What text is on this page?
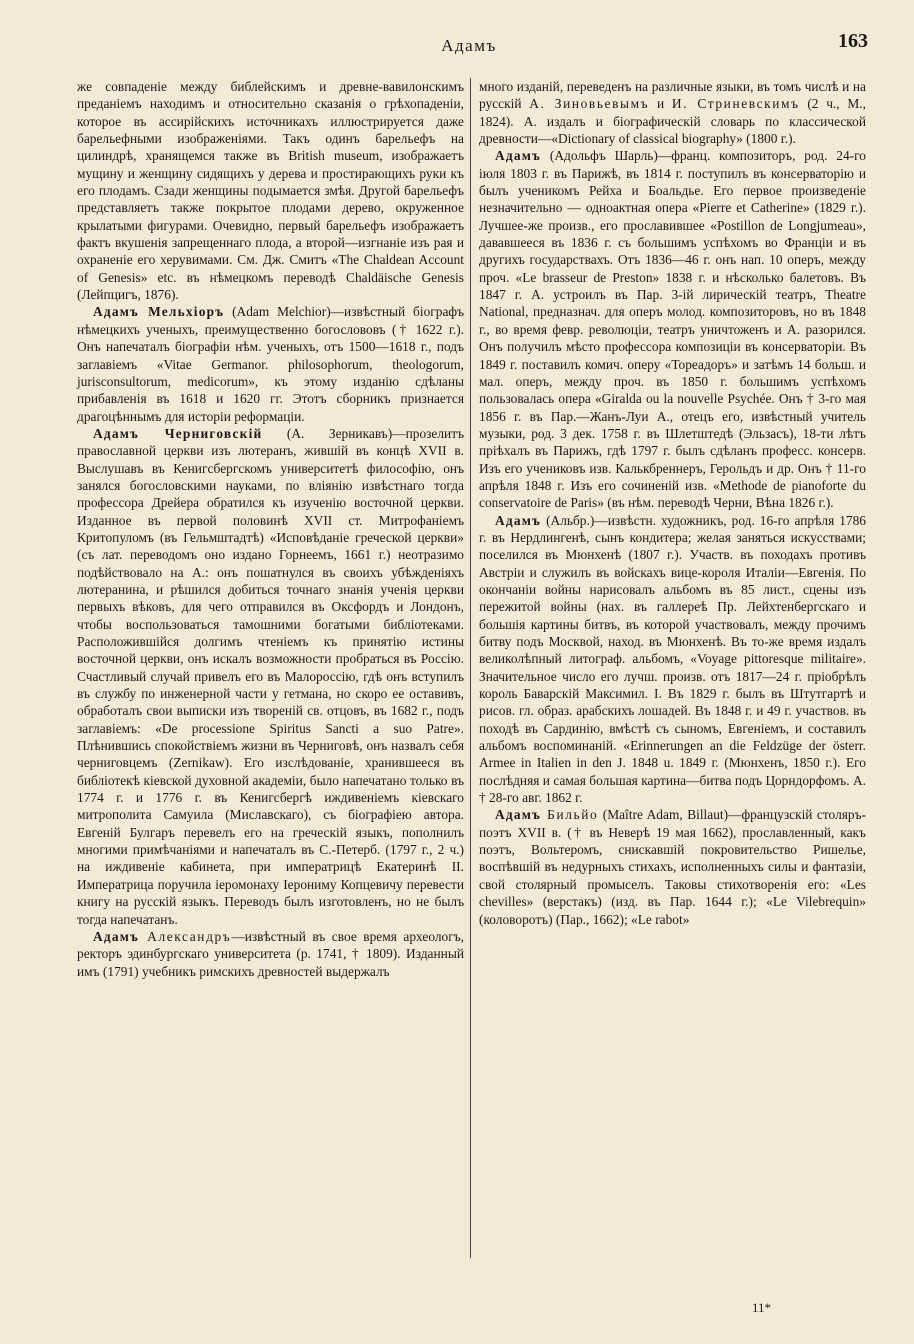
Адамъ	163

же совпаденіе между библейскимъ и древне-вавилонскимъ преданіемъ находимъ и относительно сказанія о грѣхопаденіи, которое въ ассирійскихъ источникахъ иллюстрируется даже барельефными изображеніями. Такъ одинъ барельефъ на цилиндрѣ, хранящемся также въ British museum, изображаетъ мущину и женщину сидящихъ у дерева и простирающихъ руки къ его плодамъ. Сзади женщины подымается змѣя. Другой барельефъ представляетъ также покрытое плодами дерево, окруженное крылатыми фигурами. Очевидно, первый барельефъ изображаетъ фактъ вкушенія запрещеннаго плода, а второй—изгнаніе изъ рая и охраненіе его херувимами. См. Дж. Смитъ «The Chaldean Account of Genesis» etc. въ нѣмецкомъ переводѣ Chaldäische Genesis (Лейпцигъ, 1876).

Адамъ Мельхіоръ (Adam Melchior)—извѣстный біографъ нѣмецкихъ ученыхъ, преимущественно богослововъ († 1622 г.). Онъ напечаталъ біографіи нѣм. ученыхъ, отъ 1500—1618 г., подъ заглавіемъ «Vitae Germanor. philosophorum, theologorum, jurisconsultorum, medicorum», къ этому изданію сдѣланы прибавленія въ 1618 и 1620 гг. Этотъ сборникъ признается драгоцѣннымъ для исторіи реформаціи.

Адамъ Черниговскій (А. Зерникавъ)—прозелитъ православной церкви изъ лютеранъ, жившій въ концѣ XVII в. Выслушавъ въ Кенигсбергскомъ университетѣ философію, онъ занялся богословскими науками, по вліянію извѣстнаго тогда профессора Дрейера обратился къ изученію восточной церкви. Изданное въ первой половинѣ XVII ст. Митрофаніемъ Критопуломъ (въ Гельмштадтѣ) «Исповѣданіе греческой церкви» (съ лат. переводомъ оно издано Горнеемъ, 1661 г.) неотразимо подѣйствовало на А.: онъ пошатнулся въ своихъ убѣжденіяхъ лютеранина, и рѣшился добиться точнаго знанія ученія церкви первыхъ вѣковъ, для чего отправился въ Оксфордъ и Лондонъ, чтобы воспользоваться тамошними богатыми библіотеками. Расположившійся долгимъ чтеніемъ къ принятію истины восточной церкви, онъ искалъ возможности пробраться въ Россію. Счастливый случай привелъ его въ Малороссію, гдѣ онъ вступилъ въ службу по инженерной части у гетмана, но скоро ее оставивъ, обработалъ свои выписки изъ твореній св. отцовъ, въ 1682 г., подъ заглавіемъ: «De processione Spiritus Sancti a suo Patre». Плѣнившись спокойствіемъ жизни въ Черниговѣ, онъ назвалъ себя черниговцемъ (Zernikaw). Его изслѣдованіе, хранившееся въ библіотекѣ кіевской духовной академіи, было напечатано только въ 1774 г. и 1776 г. въ Кенигсбергѣ иждивеніемъ кіевскаго митрополита Самуила (Миславскаго), съ біографіею автора. Евгеній Булгаръ перевелъ его на греческій языкъ, пополнилъ многими примѣчаніями и напечаталъ въ С.-Петерб. (1797 г., 2 ч.) на иждивеніе кабинета, при императрицѣ Екатеринѣ II. Императрица поручила іеромонаху Іерониму Копцевичу перевести книгу на русскій языкъ. Переводъ былъ изготовленъ, но не былъ тогда напечатанъ.

Адамъ Александръ—извѣстный въ свое время археологъ, ректоръ эдинбургскаго университета (р. 1741, † 1809). Изданный имъ (1791) учебникъ римскихъ древностей выдержалъ

много изданій, переведенъ на различные языки, въ томъ числѣ и на русскій А. Зиновьевымъ и И. Стриневскимъ (2 ч., М., 1824). А. издалъ и біографическій словарь по классической древности—«Dictionary of classical biography» (1800 г.).

Адамъ (Адольфъ Шарль)—франц. композиторъ, род. 24-го іюля 1803 г. въ Парижѣ, въ 1814 г. поступилъ въ консерваторію и былъ ученикомъ Рейха и Боальдье. Его первое произведеніе незначительно — одноактная опера «Pierre et Catherine» (1829 г.). Лучшее-же произв., его прославившее «Postillon de Longjumeau», дававшееся въ 1836 г. съ большимъ успѣхомъ во Франціи и въ другихъ государствахъ. Отъ 1836—46 г. онъ нап. 10 оперъ, между проч. «Le brasseur de Preston» 1838 г. и нѣсколько балетовъ. Въ 1847 г. А. устроилъ въ Пар. 3-ій лирическій театръ, Theatre National, предназнач. для оперъ молод. композиторовъ, но въ 1848 г., во время февр. революціи, театръ уничтоженъ и А. разорился. Онъ получилъ мѣсто профессора композиціи въ консерваторіи. Въ 1849 г. поставилъ комич. оперу «Тореадоръ» и затѣмъ 14 больш. и мал. оперъ, между проч. въ 1850 г. большимъ успѣхомъ пользовалась опера «Giralda ou la nouvelle Psychée. Онъ † 3-го мая 1856 г. въ Пар.—Жанъ-Луи А., отецъ его, извѣстный учитель музыки, род. 3 дек. 1758 г. въ Шлетштедѣ (Эльзасъ), 18-ти лѣтъ пріѣхалъ въ Парижъ, гдѣ 1797 г. былъ сдѣланъ професс. консерв. Изъ его учениковъ изв. Калькбреннеръ, Герольдъ и др. Онъ † 11-го апрѣля 1848 г. Изъ его сочиненій изв. «Methode de pianoforte du conservatoire de Paris» (въ нѣм. переводѣ Черни, Вѣна 1826 г.).

Адамъ (Альбр.)—извѣстн. художникъ, род. 16-го апрѣля 1786 г. въ Нердлингенѣ, сынъ кондитера; желая заняться искусствами; поселился въ Мюнхенѣ (1807 г.). Участв. въ походахъ противъ Австріи и служилъ въ войскахъ вице-короля Италіи—Евгенія. По окончаніи войны нарисовалъ альбомъ въ 85 лист., сцены изъ пережитой войны (нах. въ галлереѣ Пр. Лейхтенбергскаго и большія картины битвъ, въ которой участвовалъ, между прочимъ битву подъ Москвой, наход. въ Мюнхенѣ. Въ то-же время издалъ великолѣпный литограф. альбомъ, «Voyage pittoresque militaire». Значительное число его лучш. произв. отъ 1817—24 г. пріобрѣлъ король Баварскій Максимил. I. Въ 1829 г. былъ въ Штутгартѣ и рисов. гл. образ. арабскихъ лошадей. Въ 1848 г. и 49 г. участвов. въ походѣ въ Сардинію, вмѣстѣ съ сыномъ, Евгеніемъ, и составилъ альбомъ воспоминаній. «Erinnerungen an die Feldzüge der österr. Armee in Italien in den J. 1848 u. 1849 г. (Мюнхенъ, 1850 г.). Его послѣдняя и самая большая картина—битва подъ Цорндорфомъ. А. † 28-го авг. 1862 г.

Адамъ Бильйо (Maître Adam, Billaut)—французскій столяръ-поэтъ XVII в. († въ Неверѣ 19 мая 1662), прославленный, какъ поэтъ, Вольтеромъ, снискавшій покровительство Ришелье, воспѣвшій въ недурныхъ стихахъ, исполненныхъ силы и фантазіи, свой столярный промыселъ. Таковы стихотворенія его: «Les chevilles» (верстакъ) (изд. въ Пар. 1644 г.); «Le Vilebrequin» (коловоротъ) (Пар., 1662); «Le rabot»

11*
